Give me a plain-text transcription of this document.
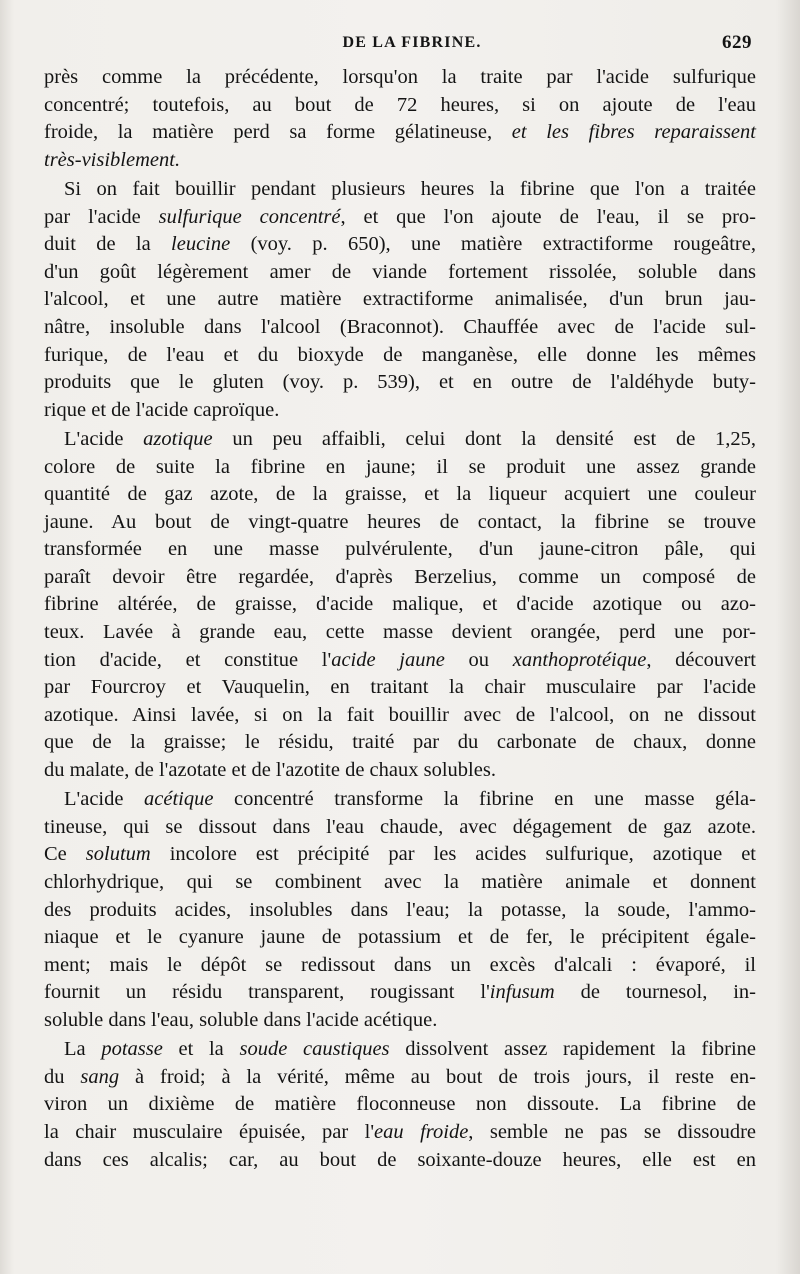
DE LA FIBRINE.	629
près comme la précédente, lorsqu'on la traite par l'acide sulfurique
concentré; toutefois, au bout de 72 heures, si on ajoute de l'eau
froide, la matière perd sa forme gélatineuse, et les fibres reparaissent
très-visiblement.
Si on fait bouillir pendant plusieurs heures la fibrine que l'on a traitée
par l'acide sulfurique concentré, et que l'on ajoute de l'eau, il se pro-
duit de la leucine (voy. p. 650), une matière extractiforme rougeâtre,
d'un goût légèrement amer de viande fortement rissolée, soluble dans
l'alcool, et une autre matière extractiforme animalisée, d'un brun jau-
nâtre, insoluble dans l'alcool (Braconnot). Chauffée avec de l'acide sul-
furique, de l'eau et du bioxyde de manganèse, elle donne les mêmes
produits que le gluten (voy. p. 539), et en outre de l'aldéhyde buty-
rique et de l'acide caproïque.
L'acide azotique un peu affaibli, celui dont la densité est de 1,25,
colore de suite la fibrine en jaune; il se produit une assez grande
quantité de gaz azote, de la graisse, et la liqueur acquiert une couleur
jaune. Au bout de vingt-quatre heures de contact, la fibrine se trouve
transformée en une masse pulvérulente, d'un jaune-citron pâle, qui
paraît devoir être regardée, d'après Berzelius, comme un composé de
fibrine altérée, de graisse, d'acide malique, et d'acide azotique ou azo-
teux. Lavée à grande eau, cette masse devient orangée, perd une por-
tion d'acide, et constitue l'acide jaune ou xanthoprotéique, découvert
par Fourcroy et Vauquelin, en traitant la chair musculaire par l'acide
azotique. Ainsi lavée, si on la fait bouillir avec de l'alcool, on ne dissout
que de la graisse; le résidu, traité par du carbonate de chaux, donne
du malate, de l'azotate et de l'azotite de chaux solubles.
L'acide acétique concentré transforme la fibrine en une masse géla-
tineuse, qui se dissout dans l'eau chaude, avec dégagement de gaz azote.
Ce solutum incolore est précipité par les acides sulfurique, azotique et
chlorhydrique, qui se combinent avec la matière animale et donnent
des produits acides, insolubles dans l'eau; la potasse, la soude, l'ammo-
niaque et le cyanure jaune de potassium et de fer, le précipitent égale-
ment; mais le dépôt se redissout dans un excès d'alcali : évaporé, il
fournit un résidu transparent, rougissant l'infusum de tournesol, in-
soluble dans l'eau, soluble dans l'acide acétique.
La potasse et la soude caustiques dissolvent assez rapidement la fibrine
du sang à froid; à la vérité, même au bout de trois jours, il reste en-
viron un dixième de matière floconneuse non dissoute. La fibrine de
la chair musculaire épuisée, par l'eau froide, semble ne pas se dissoudre
dans ces alcalis; car, au bout de soixante-douze heures, elle est en
